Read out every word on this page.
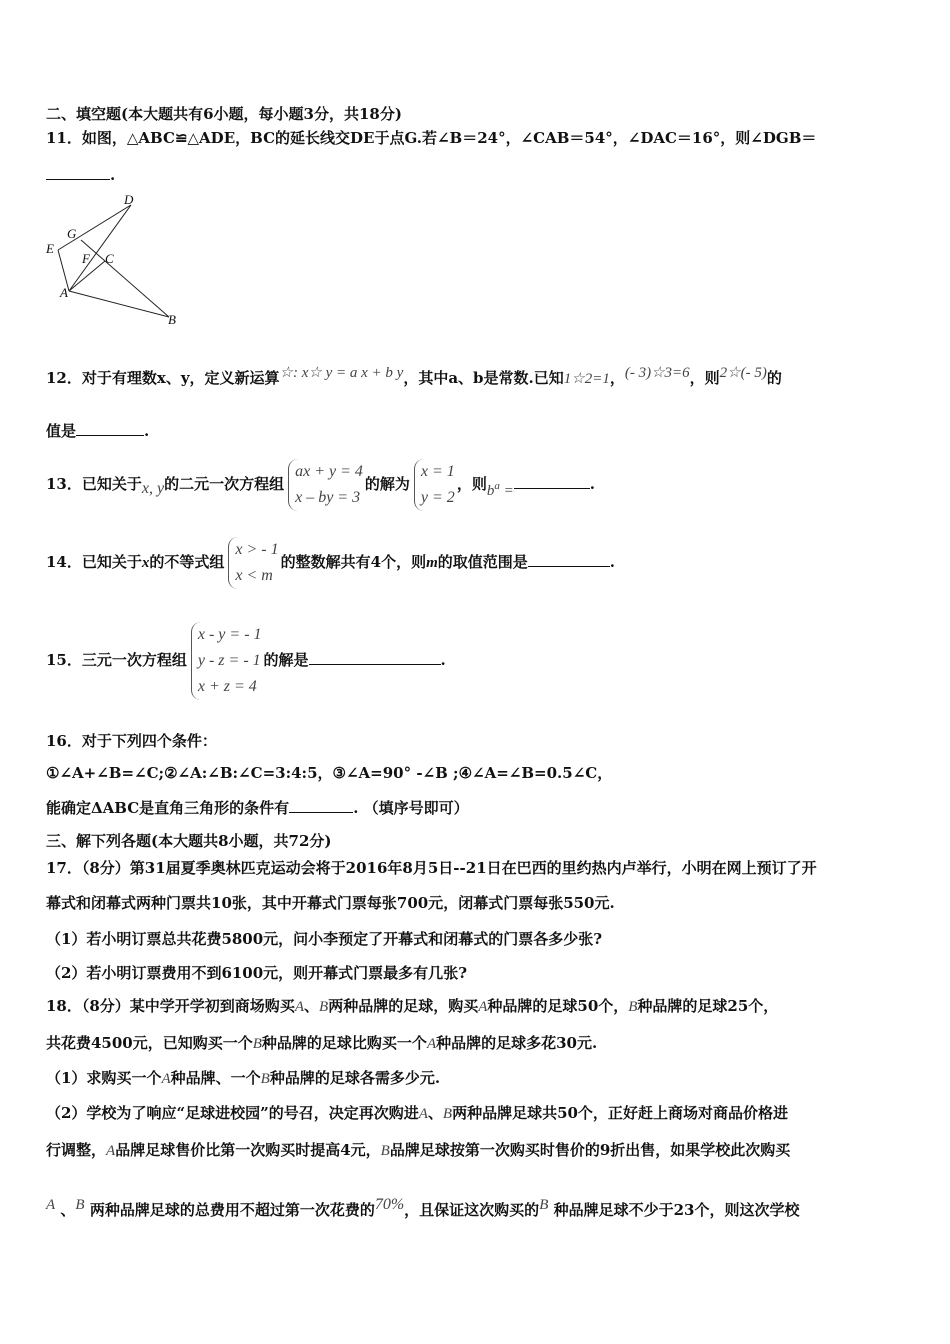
二、填空题(本大题共有6小题，每小题3分，共18分)
11．如图，△ABC≌△ADE，BC的延长线交DE于点G.若∠B＝24°，∠CAB＝54°，∠DAC＝16°，则∠DGB＝
.
D
G
E
F C
A
B
12．对于有理数x、y，定义新运算☆: x☆ y = a x + b y，其中a、b是常数.已知1☆2=1，(- 3)☆3=6，则2☆(- 5)的
值是	.
13．已知关于x, y的二元一次方程组
ax + y = 4
x – by = 3
的解为
x = 1
y = 2
，则$b^a$ =	.
14．已知关于x的不等式组
x > - 1
x < m
的整数解共有4个，则m的取值范围是	.
15．三元一次方程组
x - y = - 1
y - z = - 1
x + z = 4
的解是	.
16．对于下列四个条件：
①∠A+∠B=∠C;②∠A:∠B:∠C=3:4:5，③∠A=90° -∠B ;④∠A=∠B=0.5∠C，
能确定ΔABC是直角三角形的条件有	. （填序号即可）
三、解下列各题(本大题共8小题，共72分)
17．（8分）第31届夏季奥林匹克运动会将于2016年8月5日--21日在巴西的里约热内卢举行，小明在网上预订了开
幕式和闭幕式两种门票共10张，其中开幕式门票每张700元，闭幕式门票每张550元.
（1）若小明订票总共花费5800元，问小李预定了开幕式和闭幕式的门票各多少张?
（2）若小明订票费用不到6100元，则开幕式门票最多有几张?
18．（8分）某中学开学初到商场购买A、B两种品牌的足球，购买A种品牌的足球50个，B种品牌的足球25个，
共花费4500元，已知购买一个B种品牌的足球比购买一个A种品牌的足球多花30元.
（1）求购买一个A种品牌、一个B种品牌的足球各需多少元.
（2）学校为了响应“足球进校园”的号召，决定再次购进A、B两种品牌足球共50个，正好赶上商场对商品价格进
行调整，A品牌足球售价比第一次购买时提高4元，B品牌足球按第一次购买时售价的9折出售，如果学校此次购买
A 、B 两种品牌足球的总费用不超过第一次花费的70%，且保证这次购买的B 种品牌足球不少于23个，则这次学校
